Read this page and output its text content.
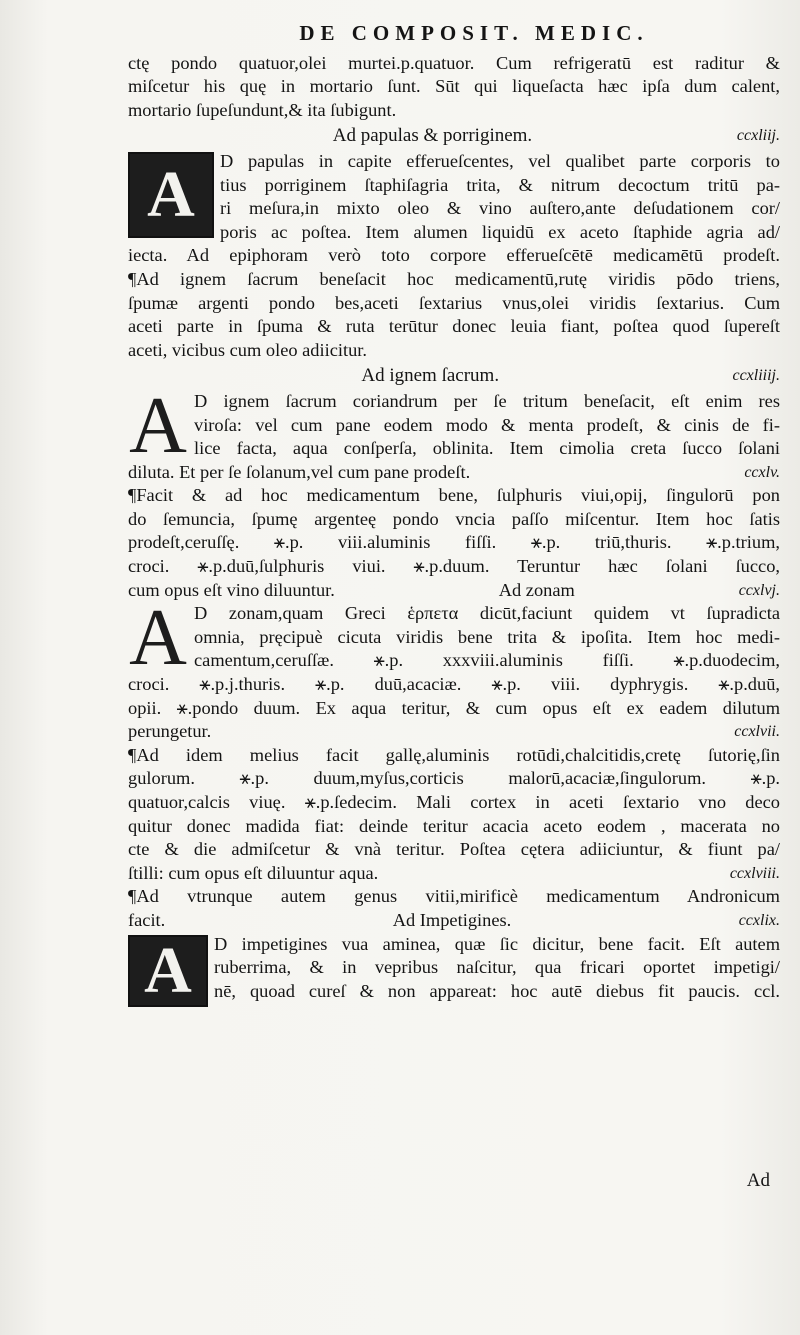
DE COMPOSIT. MEDIC.
ctę pondo quatuor,olei murtei.p.quatuor. Cum refrigeratū est raditur &
miſcetur his quę in mortario ſunt. Sūt qui liqueſacta hæc ipſa dum calent,
mortario ſupeſundunt,& ita ſubigunt.
Ad papulas & porriginem.	ccxliij.
A	D papulas in capite efferueſcentes, vel qualibet parte corporis to
tius porriginem ſtaphiſagria trita, & nitrum decoctum tritū pa-
ri meſura,in mixto oleo & vino auſtero,ante deſudationem cor/
poris ac poſtea. Item alumen liquidū ex aceto ſtaphide agria ad/
iecta. Ad epiphoram verò toto corpore efferueſcētē medicamētū prodeſt.
¶Ad ignem ſacrum beneſacit hoc medicamentū,rutę viridis pōdo triens,
ſpumæ argenti pondo bes,aceti ſextarius vnus,olei viridis ſextarius. Cum
aceti parte in ſpuma & ruta terūtur donec leuia fiant, poſtea quod ſupereſt
aceti, vicibus cum oleo adiicitur.
Ad ignem ſacrum.	ccxliiij.
A D ignem ſacrum coriandrum per ſe tritum beneſacit, eſt enim res
viroſa: vel cum pane eodem modo & menta prodeſt, & cinis de fi-
lice facta, aqua conſperſa, oblinita. Item cimolia creta ſucco ſolani
diluta. Et per ſe ſolanum,vel cum pane prodeſt.	ccxlv.
¶Facit & ad hoc medicamentum bene, ſulphuris viui,opij, ſingulorū pon
do ſemuncia, ſpumę argenteę pondo vncia paſſo miſcentur. Item hoc ſatis
prodeſt,ceruſſę. ⚹.p. viii.aluminis fiſſi. ⚹.p. triū,thuris. ⚹.p.trium,
croci. ⚹.p.duū,ſulphuris viui. ⚹.p.duum. Teruntur hæc ſolani ſucco,
cum opus eſt vino diluuntur.	Ad zonam	ccxlvj.
A D zonam,quam Greci ἑρπετα dicūt,faciunt quidem vt ſupradicta
omnia, pręcipuè cicuta viridis bene trita & ipoſita. Item hoc medi-
camentum,ceruſſæ. ⚹.p. xxxviii.aluminis fiſſi. ⚹.p.duodecim,
croci. ⚹.p.j.thuris. ⚹.p. duū,acaciæ. ⚹.p. viii. dyphrygis. ⚹.p.duū,
opii. ⚹.pondo duum. Ex aqua teritur, & cum opus eſt ex eadem dilutum
perungetur.	ccxlvii.
¶Ad idem melius facit gallę,aluminis rotūdi,chalcitidis,cretę ſutorię,ſin
gulorum. ⚹.p. duum,myſus,corticis malorū,acaciæ,ſingulorum. ⚹.p.
quatuor,calcis viuę. ⚹.p.ſedecim. Mali cortex in aceti ſextario vno deco
quitur donec madida fiat: deinde teritur acacia aceto eodem , macerata no
cte & die admiſcetur & vnà teritur. Poſtea cętera adiiciuntur, & fiunt pa/
ſtilli: cum opus eſt diluuntur aqua.	ccxlviii.
¶Ad vtrunque autem genus vitii,mirificè medicamentum Andronicum
facit.	Ad Impetigines.	ccxlix.
A	D impetigines vua aminea, quæ ſic dicitur, bene facit. Eſt autem
ruberrima, & in vepribus naſcitur, qua fricari oportet impetigi/
nē, quoad cureſ & non appareat: hoc autē diebus fit paucis. ccl.
Ad
